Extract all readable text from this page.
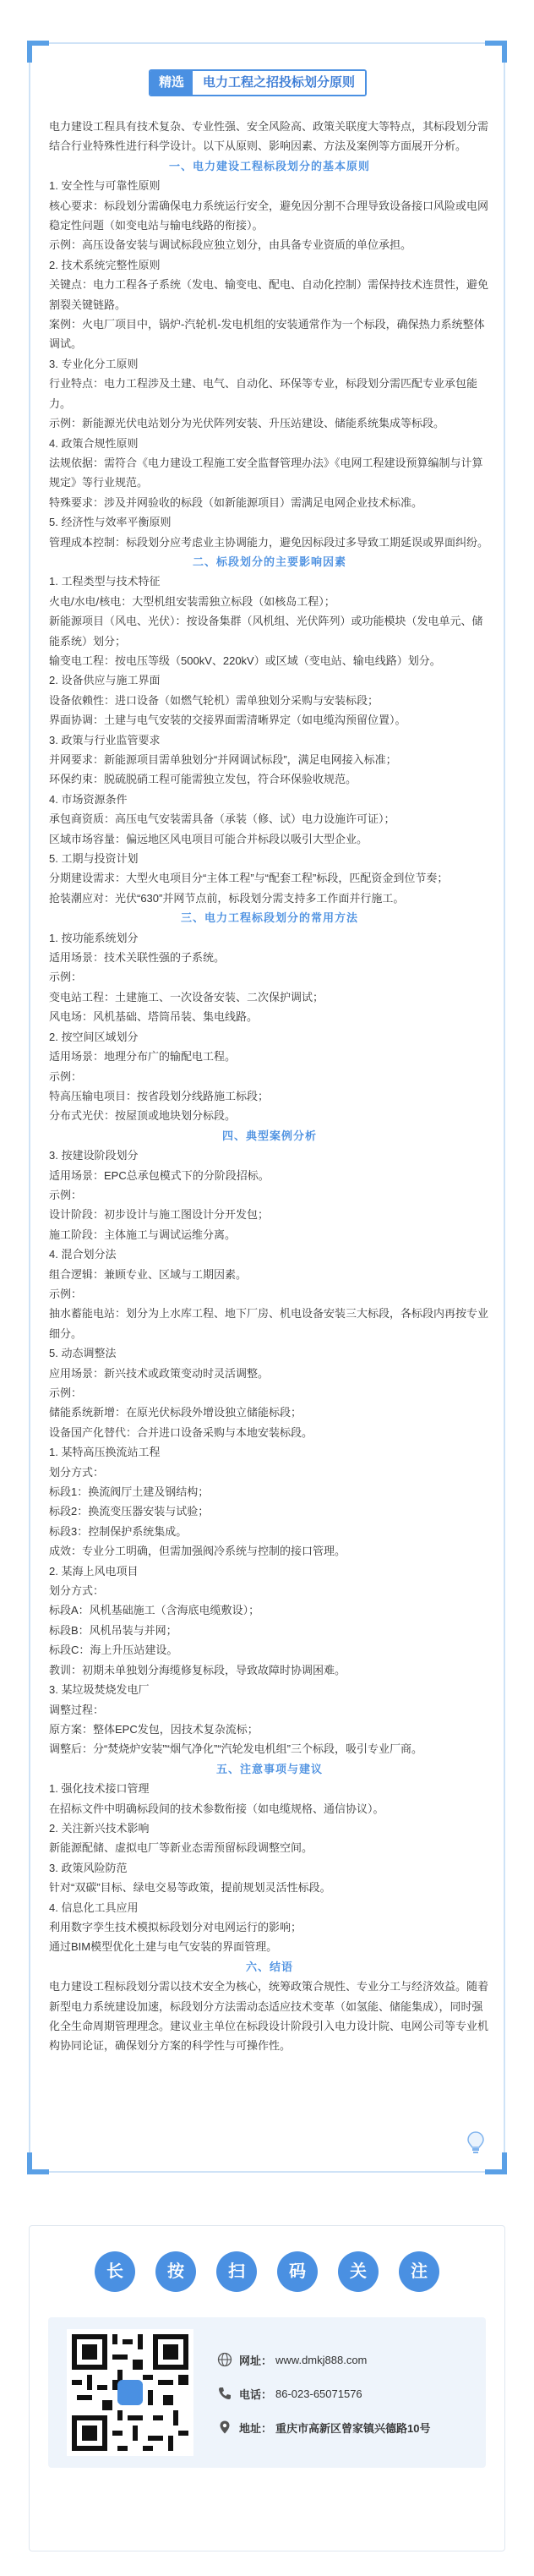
精选	电力工程之招投标划分原则

电力建设工程具有技术复杂、专业性强、安全风险高、政策关联度大等特点，其标段划分需结合行业特殊性进行科学设计。以下从原则、影响因素、方法及案例等方面展开分析。

一、电力建设工程标段划分的基本原则

1. 安全性与可靠性原则

核心要求：标段划分需确保电力系统运行安全，避免因分割不合理导致设备接口风险或电网稳定性问题（如变电站与输电线路的衔接）。

示例：高压设备安装与调试标段应独立划分，由具备专业资质的单位承担。

2. 技术系统完整性原则

关键点：电力工程各子系统（发电、输变电、配电、自动化控制）需保持技术连贯性，避免割裂关键链路。

案例：火电厂项目中，锅炉-汽轮机-发电机组的安装通常作为一个标段，确保热力系统整体调试。

3. 专业化分工原则

行业特点：电力工程涉及土建、电气、自动化、环保等专业，标段划分需匹配专业承包能力。

示例：新能源光伏电站划分为光伏阵列安装、升压站建设、储能系统集成等标段。

4. 政策合规性原则

法规依据：需符合《电力建设工程施工安全监督管理办法》《电网工程建设预算编制与计算规定》等行业规范。

特殊要求：涉及并网验收的标段（如新能源项目）需满足电网企业技术标准。

5. 经济性与效率平衡原则

管理成本控制：标段划分应考虑业主协调能力，避免因标段过多导致工期延误或界面纠纷。

二、标段划分的主要影响因素

1. 工程类型与技术特征

火电/水电/核电：大型机组安装需独立标段（如核岛工程）；

新能源项目（风电、光伏）：按设备集群（风机组、光伏阵列）或功能模块（发电单元、储能系统）划分；

输变电工程：按电压等级（500kV、220kV）或区域（变电站、输电线路）划分。

2. 设备供应与施工界面

设备依赖性：进口设备（如燃气轮机）需单独划分采购与安装标段；

界面协调：土建与电气安装的交接界面需清晰界定（如电缆沟预留位置）。

3. 政策与行业监管要求

并网要求：新能源项目需单独划分“并网调试标段”，满足电网接入标准；

环保约束：脱硫脱硝工程可能需独立发包，符合环保验收规范。

4. 市场资源条件

承包商资质：高压电气安装需具备（承装（修、试）电力设施许可证）；

区域市场容量：偏远地区风电项目可能合并标段以吸引大型企业。

5. 工期与投资计划

分期建设需求：大型火电项目分“主体工程”与“配套工程”标段，匹配资金到位节奏；

抢装潮应对：光伏“630”并网节点前，标段划分需支持多工作面并行施工。

三、电力工程标段划分的常用方法

1. 按功能系统划分

适用场景：技术关联性强的子系统。

示例：

变电站工程：土建施工、一次设备安装、二次保护调试；

风电场：风机基础、塔筒吊装、集电线路。

2. 按空间区域划分

适用场景：地理分布广的输配电工程。

示例：

特高压输电项目：按省段划分线路施工标段；

分布式光伏：按屋顶或地块划分标段。

四、典型案例分析

3. 按建设阶段划分

适用场景：EPC总承包模式下的分阶段招标。

示例：

设计阶段：初步设计与施工图设计分开发包；

施工阶段：主体施工与调试运维分离。

4. 混合划分法

组合逻辑：兼顾专业、区域与工期因素。

示例：

抽水蓄能电站：划分为上水库工程、地下厂房、机电设备安装三大标段，各标段内再按专业细分。

5. 动态调整法

应用场景：新兴技术或政策变动时灵活调整。

示例：

储能系统新增：在原光伏标段外增设独立储能标段；

设备国产化替代：合并进口设备采购与本地安装标段。

1. 某特高压换流站工程

划分方式：

标段1：换流阀厅土建及钢结构；

标段2：换流变压器安装与试验；

标段3：控制保护系统集成。

成效：专业分工明确，但需加强阀冷系统与控制的接口管理。

2. 某海上风电项目

划分方式：

标段A：风机基础施工（含海底电缆敷设）；

标段B：风机吊装与并网；

标段C：海上升压站建设。

教训：初期未单独划分海缆修复标段，导致故障时协调困难。

3. 某垃圾焚烧发电厂

调整过程：

原方案：整体EPC发包，因技术复杂流标；

调整后：分“焚烧炉安装”“烟气净化”“汽轮发电机组”三个标段，吸引专业厂商。

五、注意事项与建议

1. 强化技术接口管理

在招标文件中明确标段间的技术参数衔接（如电缆规格、通信协议）。

2. 关注新兴技术影响

新能源配储、虚拟电厂等新业态需预留标段调整空间。

3. 政策风险防范

针对“双碳”目标、绿电交易等政策，提前规划灵活性标段。

4. 信息化工具应用

利用数字孪生技术模拟标段划分对电网运行的影响；

通过BIM模型优化土建与电气安装的界面管理。

六、结语

电力建设工程标段划分需以技术安全为核心，统筹政策合规性、专业分工与经济效益。随着新型电力系统建设加速，标段划分方法需动态适应技术变革（如氢能、储能集成），同时强化全生命周期管理理念。建议业主单位在标段设计阶段引入电力设计院、电网公司等专业机构协同论证，确保划分方案的科学性与可操作性。

长	按	扫	码	关	注
网址： www.dmkj888.com
电话： 86-023-65071576
地址： 重庆市高新区曾家镇兴德路10号
